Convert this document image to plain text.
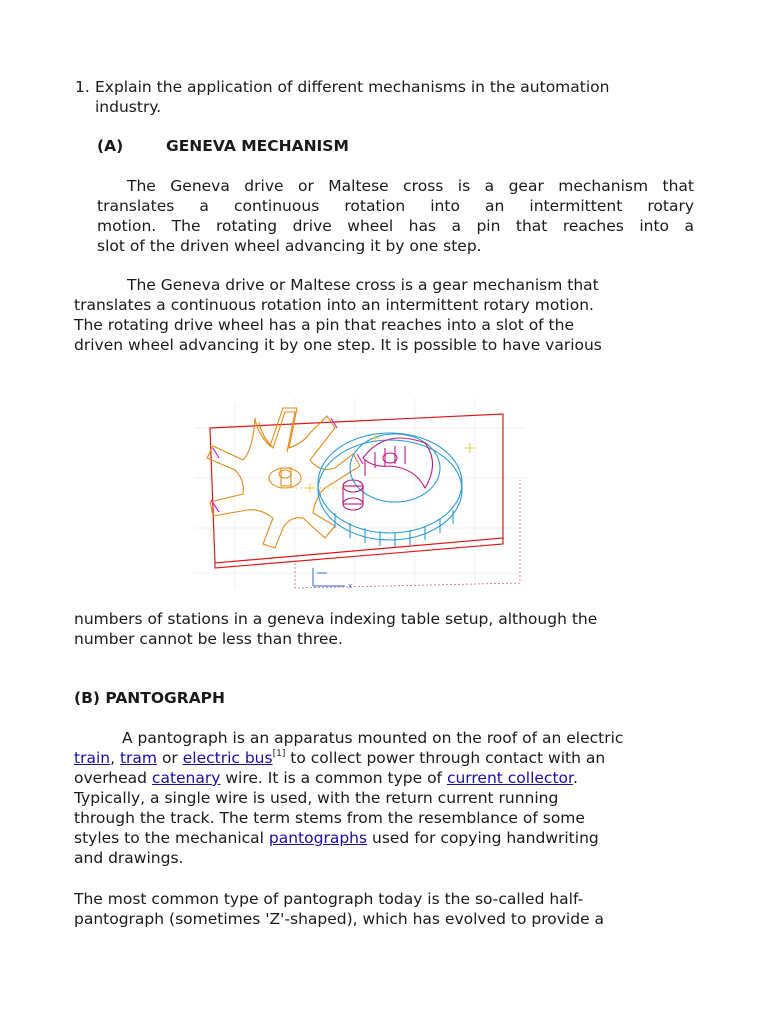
1. Explain the application of different mechanisms in the automation
industry.
(A)	GENEVA MECHANISM
The Geneva drive or Maltese cross is a gear mechanism that
translates a continuous rotation into an intermittent rotary
motion. The rotating drive wheel has a pin that reaches into a
slot of the driven wheel advancing it by one step.
The Geneva drive or Maltese cross is a gear mechanism that
translates a continuous rotation into an intermittent rotary motion.
The rotating drive wheel has a pin that reaches into a slot of the
driven wheel advancing it by one step. It is possible to have various
x
numbers of stations in a geneva indexing table setup, although the
number cannot be less than three.
(B) PANTOGRAPH
A pantograph is an apparatus mounted on the roof of an electric
train, tram or electric bus[1] to collect power through contact with an
overhead catenary wire. It is a common type of current collector.
Typically, a single wire is used, with the return current running
through the track. The term stems from the resemblance of some
styles to the mechanical pantographs used for copying handwriting
and drawings.
The most common type of pantograph today is the so-called half-
pantograph (sometimes 'Z'-shaped), which has evolved to provide a
